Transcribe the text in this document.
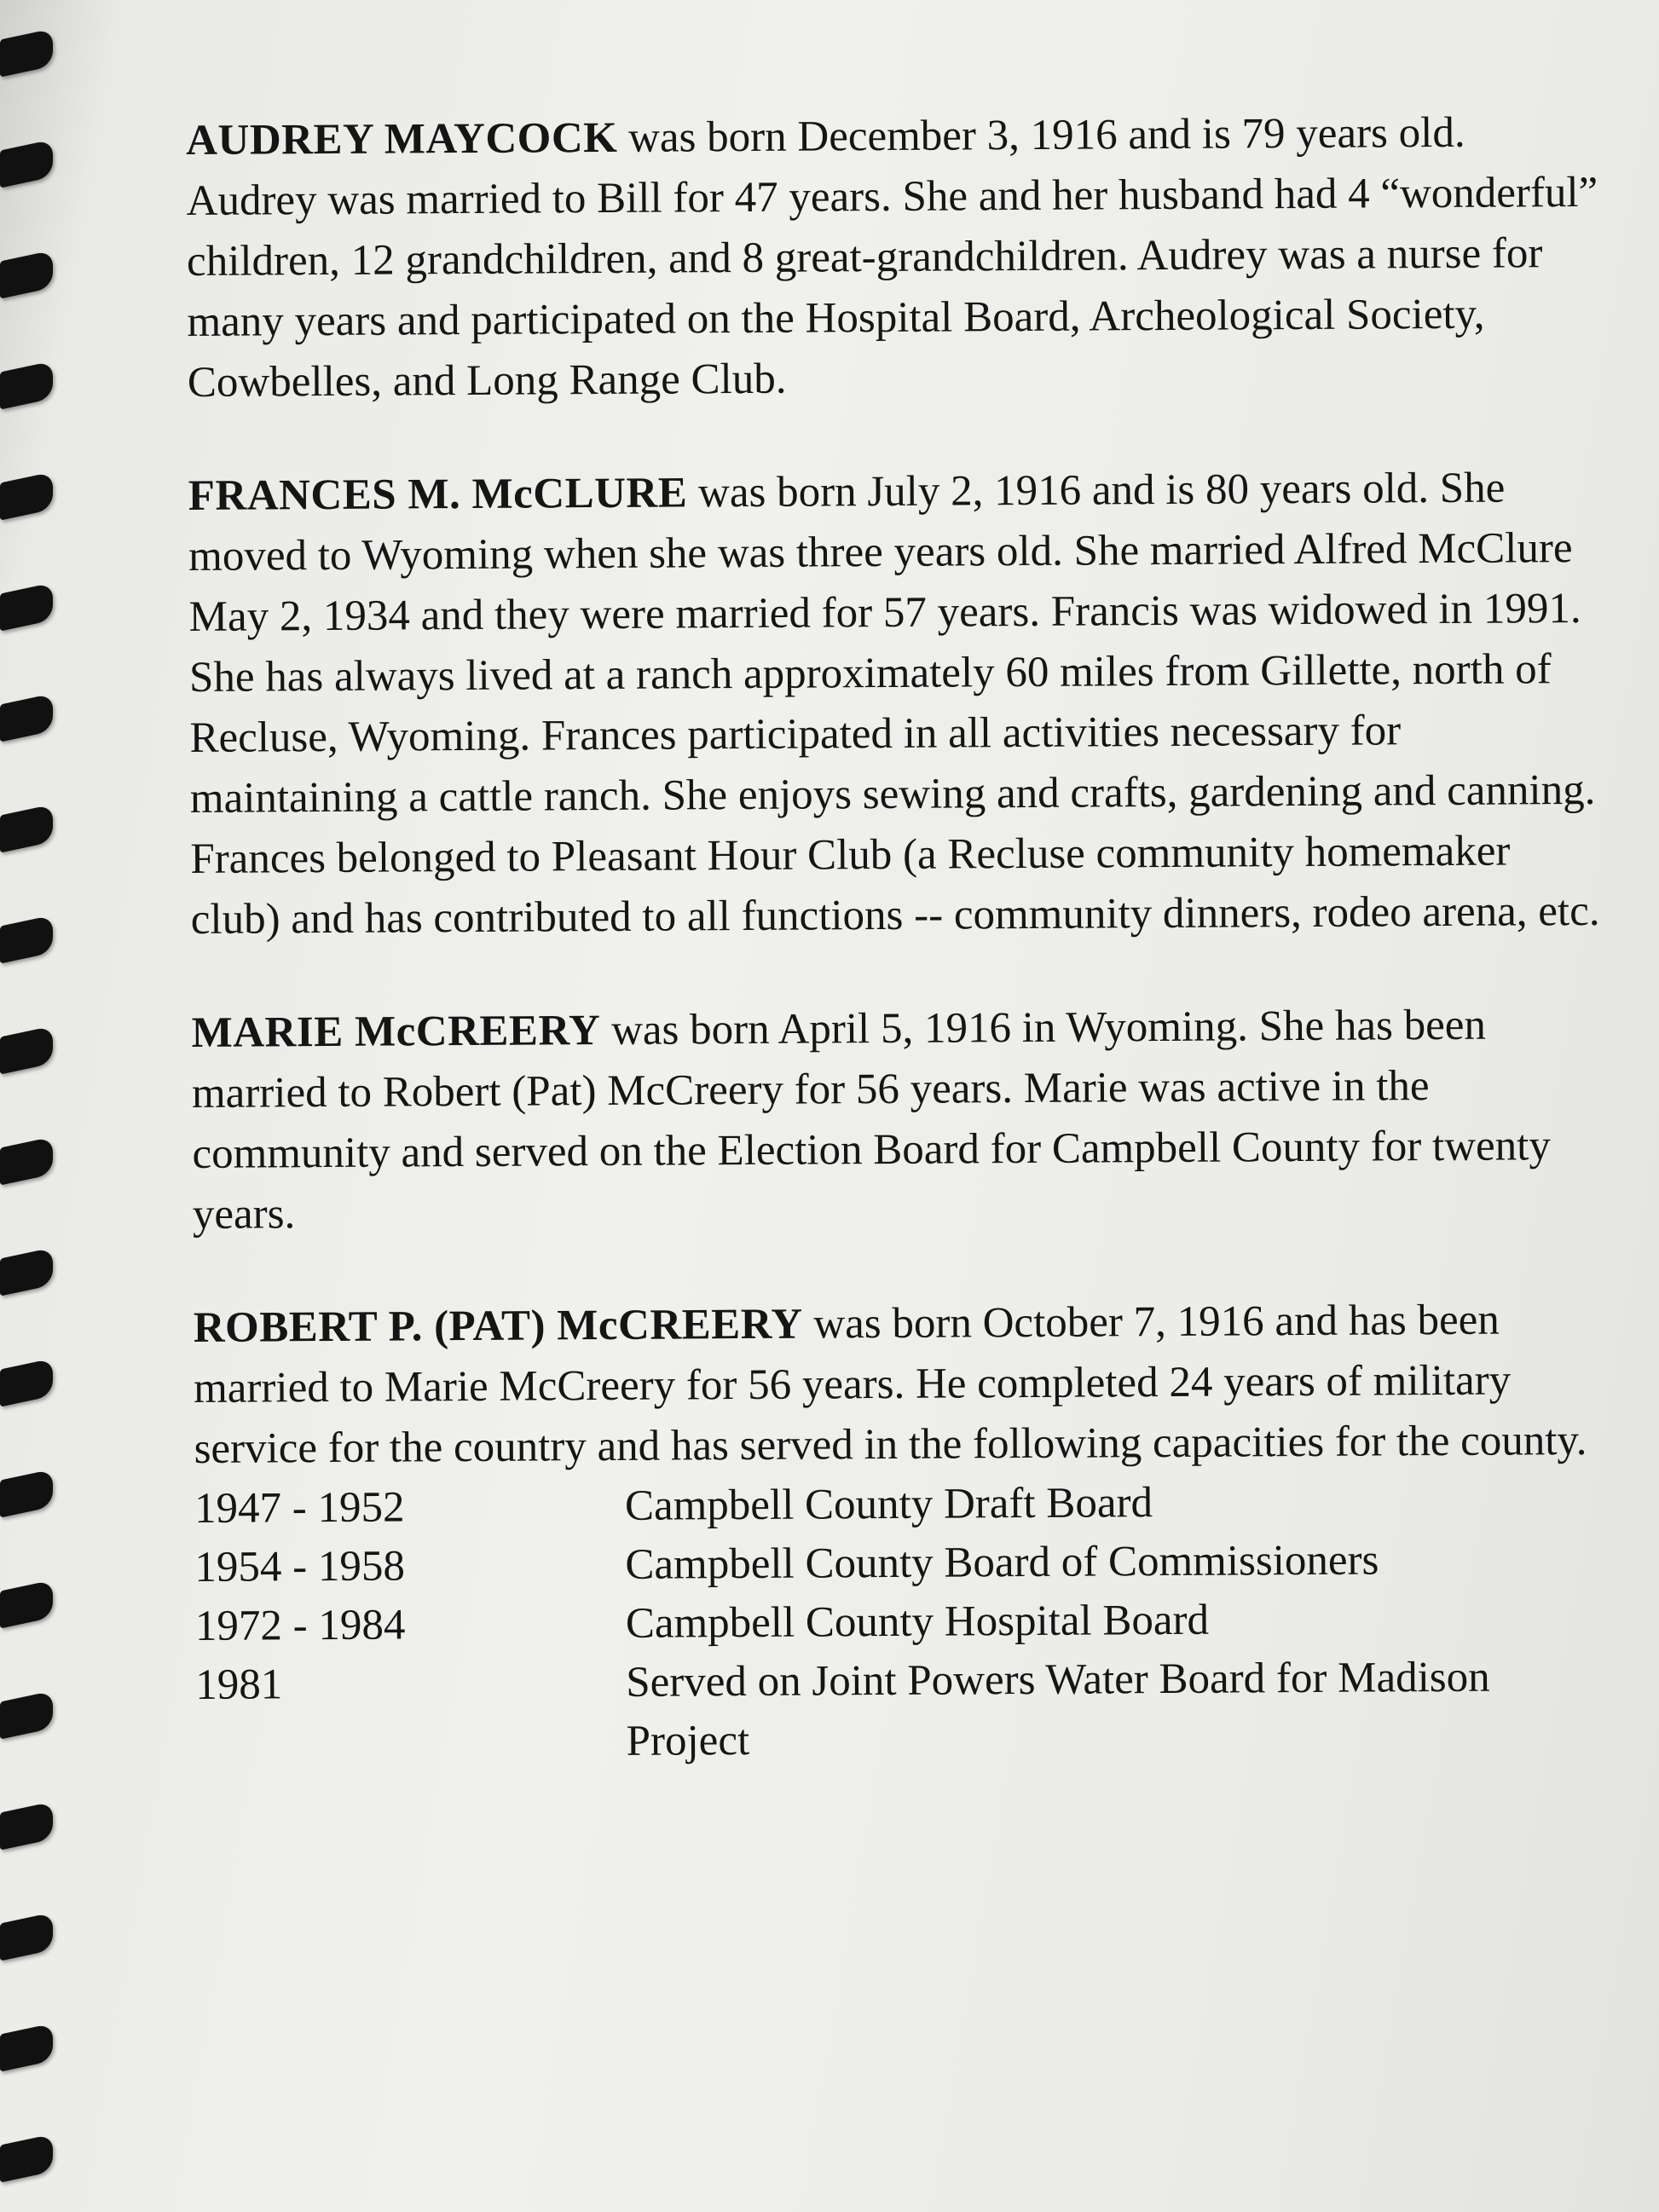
AUDREY MAYCOCK was born December 3, 1916 and is 79 years old. Audrey was married to Bill for 47 years. She and her husband had 4 “wonderful” children, 12 grandchildren, and 8 great-grandchildren. Audrey was a nurse for many years and participated on the Hospital Board, Archeological Society, Cowbelles, and Long Range Club.

FRANCES M. McCLURE was born July 2, 1916 and is 80 years old. She moved to Wyoming when she was three years old. She married Alfred McClure May 2, 1934 and they were married for 57 years. Francis was widowed in 1991. She has always lived at a ranch approximately 60 miles from Gillette, north of Recluse, Wyoming. Frances participated in all activities necessary for maintaining a cattle ranch. She enjoys sewing and crafts, gardening and canning. Frances belonged to Pleasant Hour Club (a Recluse community homemaker club) and has contributed to all functions -- community dinners, rodeo arena, etc.

MARIE McCREERY was born April 5, 1916 in Wyoming. She has been married to Robert (Pat) McCreery for 56 years. Marie was active in the community and served on the Election Board for Campbell County for twenty years.

ROBERT P. (PAT) McCREERY was born October 7, 1916 and has been married to Marie McCreery for 56 years. He completed 24 years of military service for the country and has served in the following capacities for the county.

1947 - 1952	Campbell County Draft Board
1954 - 1958	Campbell County Board of Commissioners
1972 - 1984	Campbell County Hospital Board
1981	Served on Joint Powers Water Board for Madison Project
